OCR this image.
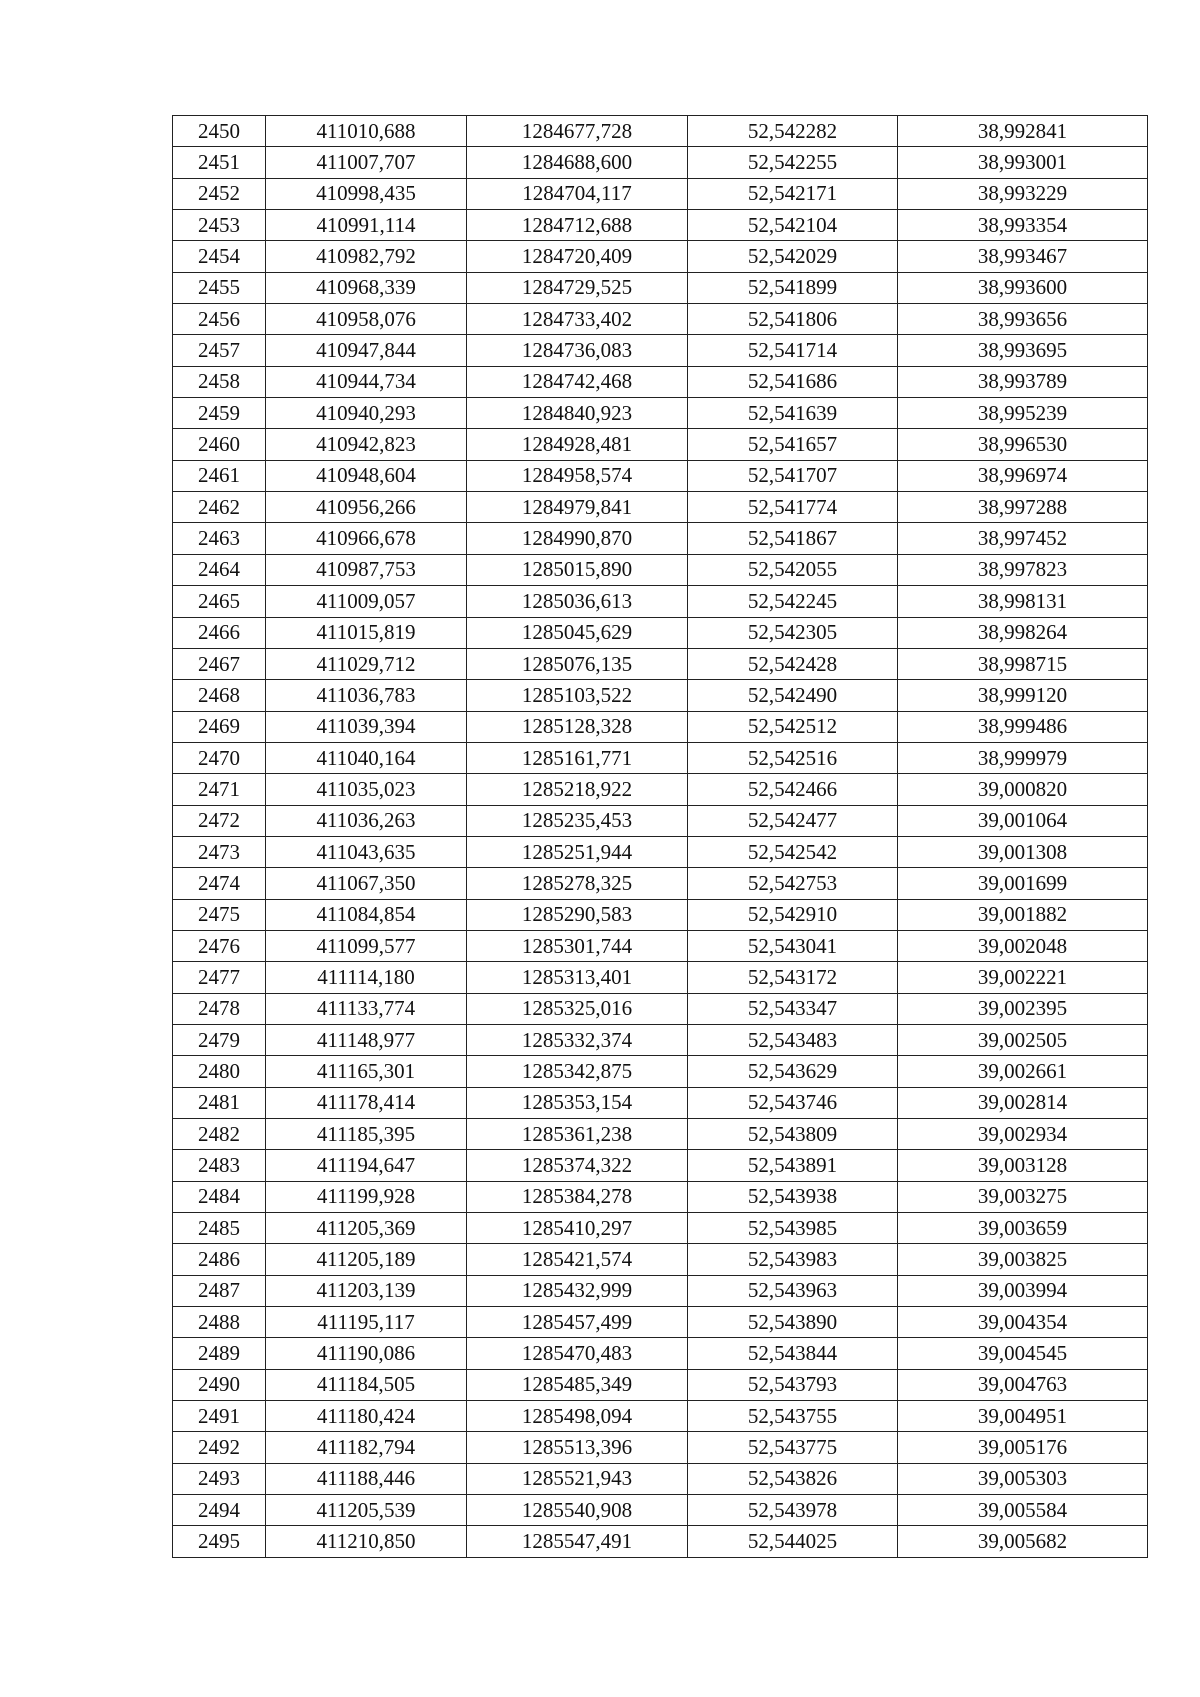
2450	411010,688	1284677,728	52,542282	38,992841
2451	411007,707	1284688,600	52,542255	38,993001
2452	410998,435	1284704,117	52,542171	38,993229
2453	410991,114	1284712,688	52,542104	38,993354
2454	410982,792	1284720,409	52,542029	38,993467
2455	410968,339	1284729,525	52,541899	38,993600
2456	410958,076	1284733,402	52,541806	38,993656
2457	410947,844	1284736,083	52,541714	38,993695
2458	410944,734	1284742,468	52,541686	38,993789
2459	410940,293	1284840,923	52,541639	38,995239
2460	410942,823	1284928,481	52,541657	38,996530
2461	410948,604	1284958,574	52,541707	38,996974
2462	410956,266	1284979,841	52,541774	38,997288
2463	410966,678	1284990,870	52,541867	38,997452
2464	410987,753	1285015,890	52,542055	38,997823
2465	411009,057	1285036,613	52,542245	38,998131
2466	411015,819	1285045,629	52,542305	38,998264
2467	411029,712	1285076,135	52,542428	38,998715
2468	411036,783	1285103,522	52,542490	38,999120
2469	411039,394	1285128,328	52,542512	38,999486
2470	411040,164	1285161,771	52,542516	38,999979
2471	411035,023	1285218,922	52,542466	39,000820
2472	411036,263	1285235,453	52,542477	39,001064
2473	411043,635	1285251,944	52,542542	39,001308
2474	411067,350	1285278,325	52,542753	39,001699
2475	411084,854	1285290,583	52,542910	39,001882
2476	411099,577	1285301,744	52,543041	39,002048
2477	411114,180	1285313,401	52,543172	39,002221
2478	411133,774	1285325,016	52,543347	39,002395
2479	411148,977	1285332,374	52,543483	39,002505
2480	411165,301	1285342,875	52,543629	39,002661
2481	411178,414	1285353,154	52,543746	39,002814
2482	411185,395	1285361,238	52,543809	39,002934
2483	411194,647	1285374,322	52,543891	39,003128
2484	411199,928	1285384,278	52,543938	39,003275
2485	411205,369	1285410,297	52,543985	39,003659
2486	411205,189	1285421,574	52,543983	39,003825
2487	411203,139	1285432,999	52,543963	39,003994
2488	411195,117	1285457,499	52,543890	39,004354
2489	411190,086	1285470,483	52,543844	39,004545
2490	411184,505	1285485,349	52,543793	39,004763
2491	411180,424	1285498,094	52,543755	39,004951
2492	411182,794	1285513,396	52,543775	39,005176
2493	411188,446	1285521,943	52,543826	39,005303
2494	411205,539	1285540,908	52,543978	39,005584
2495	411210,850	1285547,491	52,544025	39,005682
